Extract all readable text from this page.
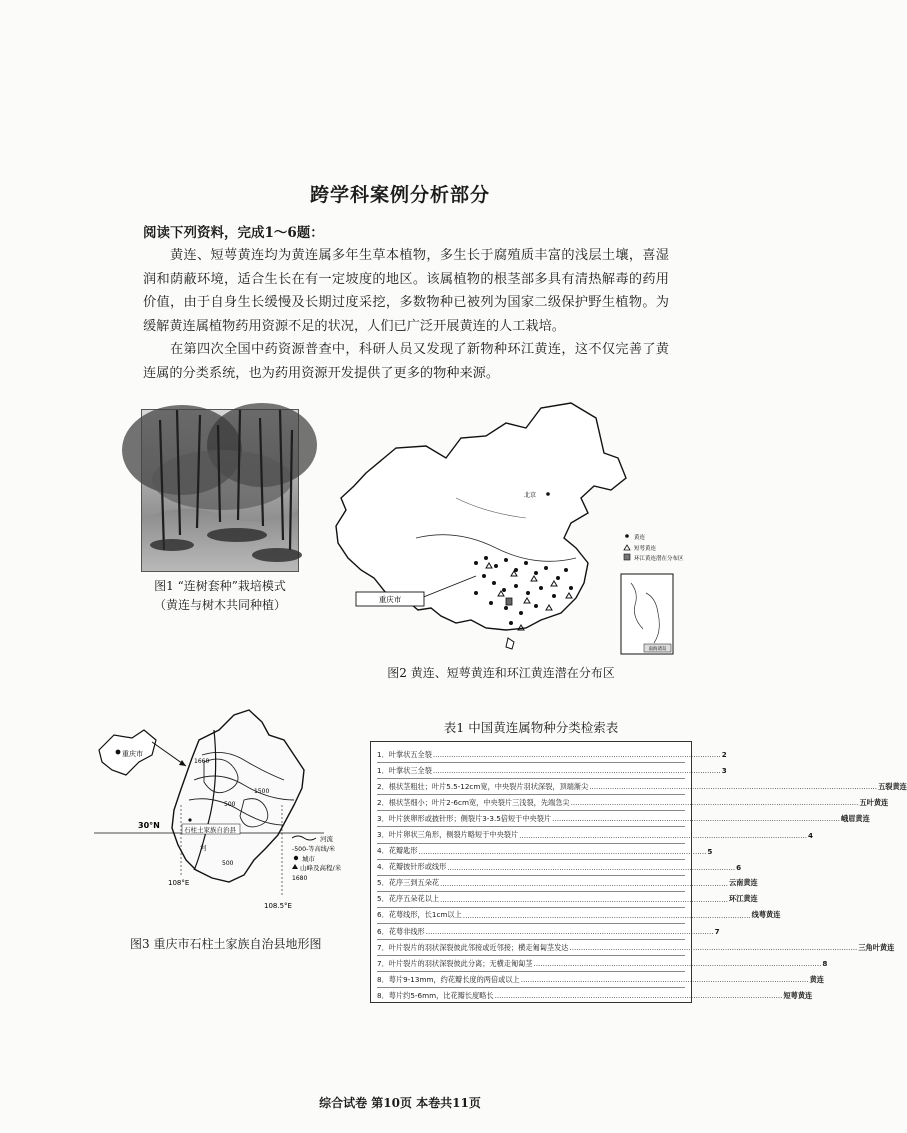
跨学科案例分析部分
阅读下列资料，完成1～6题：
黄连、短萼黄连均为黄连属多年生草本植物，多生长于腐殖质丰富的浅层土壤，喜湿润和荫蔽环境，适合生长在有一定坡度的地区。该属植物的根茎部多具有清热解毒的药用价值，由于自身生长缓慢及长期过度采挖，多数物种已被列为国家二级保护野生植物。为缓解黄连属植物药用资源不足的状况，人们已广泛开展黄连的人工栽培。
在第四次全国中药资源普查中，科研人员又发现了新物种环江黄连，这不仅完善了黄连属的分类系统，也为药用资源开发提供了更多的物种来源。
图1 “连树套种”栽培模式
（黄连与树木共同种植）
北京
重庆市
黄连
短萼黄连
环江黄连潜在分布区
南海诸岛
图2 黄连、短萼黄连和环江黄连潜在分布区
重庆市
30°N
108°E
108.5°E
石柱土家族自治县
河
1660
500
500
1500
河流
-500-等高线/米
城市
山峰及高程/米
1680
图3 重庆市石柱土家族自治县地形图
表1 中国黄连属物种分类检索表
1．叶掌状五全裂 .............................................................................................................................. 2
1．叶掌状三全裂 .............................................................................................................................. 3
2．根状茎粗壮；叶片5.5-12cm宽，中央裂片羽状深裂，顶端渐尖 .............................................................................................................................. 五裂黄连
2．根状茎细小；叶片2-6cm宽，中央裂片三浅裂，先端急尖 .............................................................................................................................. 五叶黄连
3．叶片狭卵形或披针形；侧裂片3-3.5倍短于中央裂片 .............................................................................................................................. 峨眉黄连
3．叶片卵状三角形，侧裂片略短于中央裂片 .............................................................................................................................. 4
4．花瓣匙形 .............................................................................................................................. 5
4．花瓣披针形或线形 .............................................................................................................................. 6
5．花序三到五朵花 .............................................................................................................................. 云南黄连
5．花序五朵花以上 .............................................................................................................................. 环江黄连
6．花萼线形，长1cm以上 .............................................................................................................................. 线萼黄连
6．花萼非线形 .............................................................................................................................. 7
7．叶片裂片的羽状深裂彼此邻接或近邻接；横走匍匐茎发达 .............................................................................................................................. 三角叶黄连
7．叶片裂片的羽状深裂彼此分离；无横走匍匐茎 .............................................................................................................................. 8
8．萼片9-13mm，约花瓣长度的两倍或以上 .............................................................................................................................. 黄连
8．萼片约5-6mm，比花瓣长度略长 .............................................................................................................................. 短萼黄连
综合试卷 第10页 本卷共11页
